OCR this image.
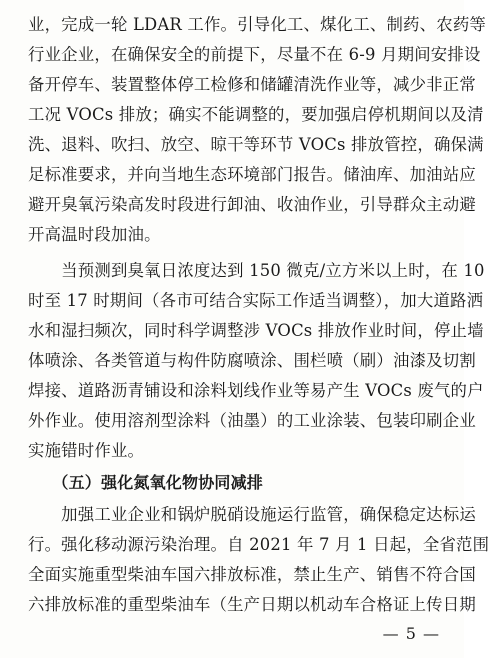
业，完成一轮 LDAR 工作。引导化工、煤化工、制药、农药等
行业企业，在确保安全的前提下，尽量不在 6-9 月期间安排设
备开停车、装置整体停工检修和储罐清洗作业等，减少非正常
工况 VOCs 排放；确实不能调整的，要加强启停机期间以及清
洗、退料、吹扫、放空、晾干等环节 VOCs 排放管控，确保满
足标准要求，并向当地生态环境部门报告。储油库、加油站应
避开臭氧污染高发时段进行卸油、收油作业，引导群众主动避
开高温时段加油。
　　当预测到臭氧日浓度达到 150 微克/立方米以上时，在 10
时至 17 时期间（各市可结合实际工作适当调整），加大道路洒
水和湿扫频次，同时科学调整涉 VOCs 排放作业时间，停止墙
体喷涂、各类管道与构件防腐喷涂、围栏喷（刷）油漆及切割
焊接、道路沥青铺设和涂料划线作业等易产生 VOCs 废气的户
外作业。使用溶剂型涂料（油墨）的工业涂装、包装印刷企业
实施错时作业。
　　（五）强化氮氧化物协同减排
　　加强工业企业和锅炉脱硝设施运行监管，确保稳定达标运
行。强化移动源污染治理。自 2021 年 7 月 1 日起，全省范围
全面实施重型柴油车国六排放标准，禁止生产、销售不符合国
六排放标准的重型柴油车（生产日期以机动车合格证上传日期
— 5 —
